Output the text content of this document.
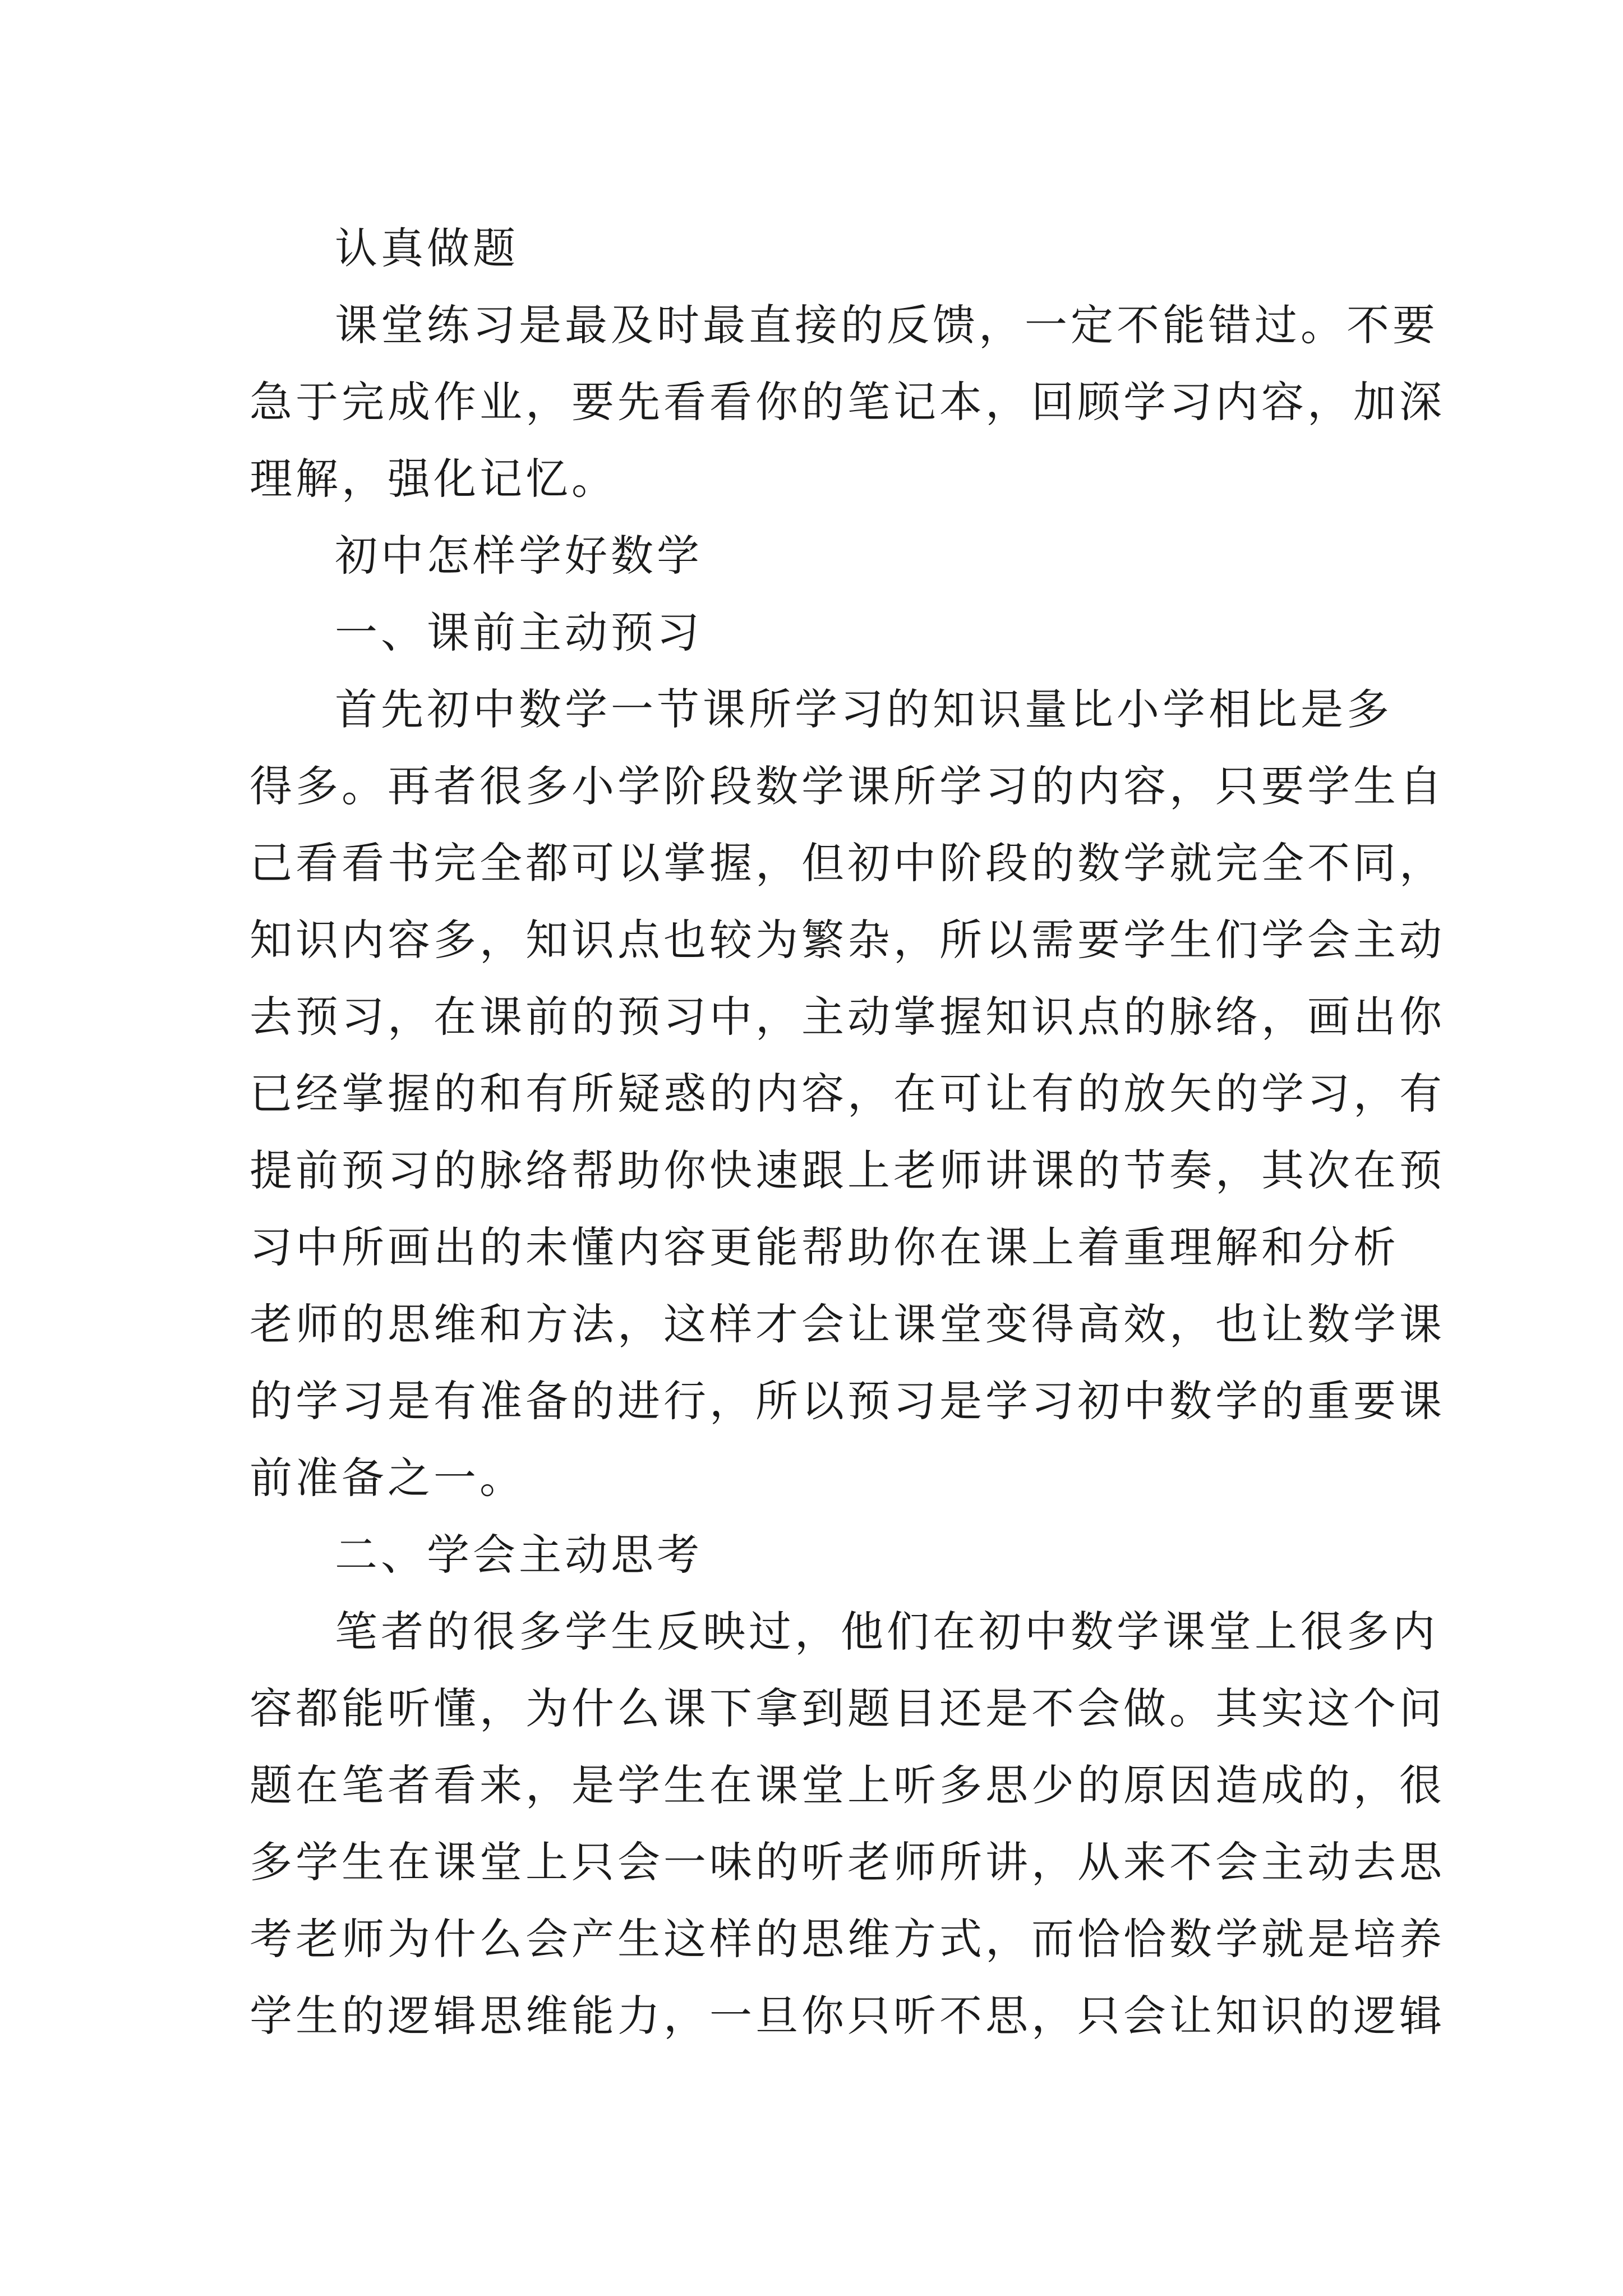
认真做题
课堂练习是最及时最直接的反馈，一定不能错过。不要
急于完成作业，要先看看你的笔记本，回顾学习内容，加深
理解，强化记忆。
初中怎样学好数学
一、课前主动预习
首先初中数学一节课所学习的知识量比小学相比是多
得多。再者很多小学阶段数学课所学习的内容，只要学生自
己看看书完全都可以掌握，但初中阶段的数学就完全不同，
知识内容多，知识点也较为繁杂，所以需要学生们学会主动
去预习，在课前的预习中，主动掌握知识点的脉络，画出你
已经掌握的和有所疑惑的内容，在可让有的放矢的学习，有
提前预习的脉络帮助你快速跟上老师讲课的节奏，其次在预
习中所画出的未懂内容更能帮助你在课上着重理解和分析
老师的思维和方法，这样才会让课堂变得高效，也让数学课
的学习是有准备的进行，所以预习是学习初中数学的重要课
前准备之一。
二、学会主动思考
笔者的很多学生反映过，他们在初中数学课堂上很多内
容都能听懂，为什么课下拿到题目还是不会做。其实这个问
题在笔者看来，是学生在课堂上听多思少的原因造成的，很
多学生在课堂上只会一味的听老师所讲，从来不会主动去思
考老师为什么会产生这样的思维方式，而恰恰数学就是培养
学生的逻辑思维能力，一旦你只听不思，只会让知识的逻辑
